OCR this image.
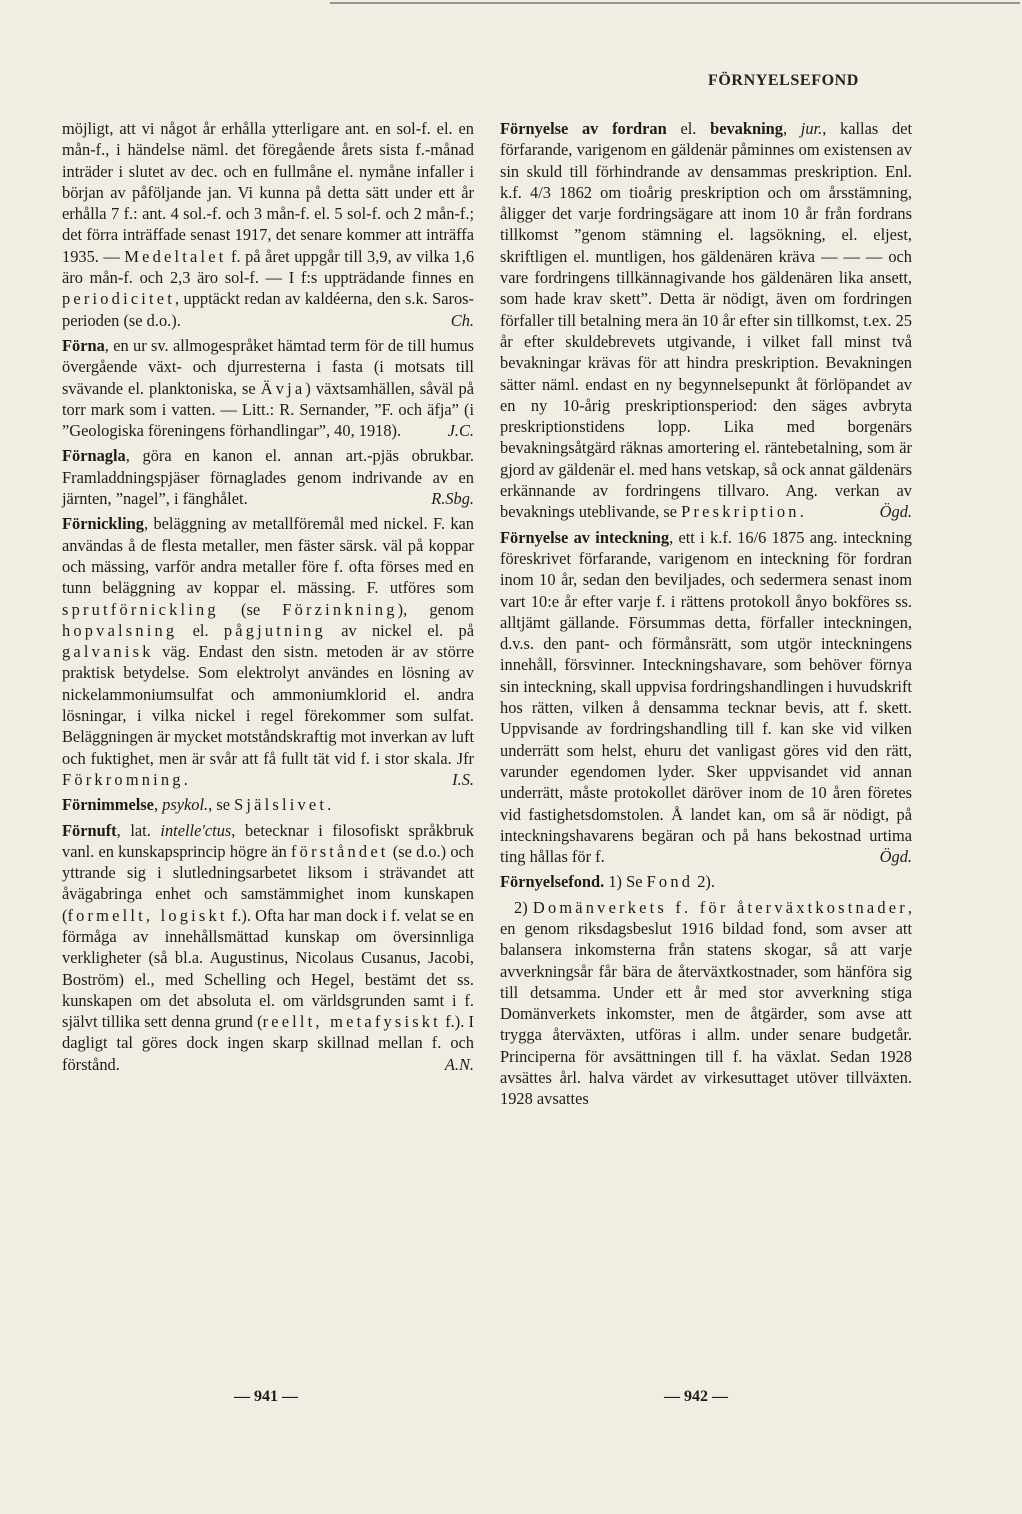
FÖRNYELSEFOND

möjligt, att vi något år erhålla ytterligare ant. en sol-f. el. en mån-f., i händelse näml. det föregående årets sista f.-månad inträder i slutet av dec. och en fullmåne el. nymåne infaller i början av påföljande jan. Vi kunna på detta sätt under ett år erhålla 7 f.: ant. 4 sol.-f. och 3 mån-f. el. 5 sol-f. och 2 mån-f.; det förra inträffade senast 1917, det senare kommer att inträffa 1935. — Medeltalet f. på året uppgår till 3,9, av vilka 1,6 äro mån-f. och 2,3 äro sol-f. — I f:s uppträdande finnes en periodicitet, upptäckt redan av kaldéerna, den s.k. Saros-perioden (se d.o.).	Ch.

Förna, en ur sv. allmogespråket hämtad term för de till humus övergående växt- och djurresterna i fasta (i motsats till svävande el. planktoniska, se Ävja) växtsamhällen, såväl på torr mark som i vatten. — Litt.: R. Sernander, ”F. och äfja” (i ”Geologiska föreningens förhandlingar”, 40, 1918).	J.C.

Förnagla, göra en kanon el. annan art.-pjäs obrukbar. Framladdningspjäser förnaglades genom indrivande av en järnten, ”nagel”, i fänghålet.	R.Sbg.

Förnickling, beläggning av metallföremål med nickel. F. kan användas å de flesta metaller, men fäster särsk. väl på koppar och mässing, varför andra metaller före f. ofta förses med en tunn beläggning av koppar el. mässing. F. utföres som sprutförnickling (se Förzinkning), genom hopvalsning el. pågjutning av nickel el. på galvanisk väg. Endast den sistn. metoden är av större praktisk betydelse. Som elektrolyt användes en lösning av nickelammoniumsulfat och ammoniumklorid el. andra lösningar, i vilka nickel i regel förekommer som sulfat. Beläggningen är mycket motståndskraftig mot inverkan av luft och fuktighet, men är svår att få fullt tät vid f. i stor skala. Jfr Förkromning.	I.S.

Förnimmelse, psykol., se Själslivet.

Förnuft, lat. intelle'ctus, betecknar i filosofiskt språkbruk vanl. en kunskapsprincip högre än förståndet (se d.o.) och yttrande sig i slutledningsarbetet liksom i strävandet att åvägabringa enhet och samstämmighet inom kunskapen (formellt, logiskt f.). Ofta har man dock i f. velat se en förmåga av innehållsmättad kunskap om översinnliga verkligheter (så bl.a. Augustinus, Nicolaus Cusanus, Jacobi, Boström) el., med Schelling och Hegel, bestämt det ss. kunskapen om det absoluta el. om världsgrunden samt i f. självt tillika sett denna grund (reellt, metafysiskt f.). I dagligt tal göres dock ingen skarp skillnad mellan f. och förstånd.	A.N.

Förnyelse av fordran el. bevakning, jur., kallas det förfarande, varigenom en gäldenär påminnes om existensen av sin skuld till förhindrande av densammas preskription. Enl. k.f. 4/3 1862 om tioårig preskription och om årsstämning, åligger det varje fordringsägare att inom 10 år från fordrans tillkomst ”genom stämning el. lagsökning, el. eljest, skriftligen el. muntligen, hos gäldenären kräva — — — och vare fordringens tillkännagivande hos gäldenären lika ansett, som hade krav skett”. Detta är nödigt, även om fordringen förfaller till betalning mera än 10 år efter sin tillkomst, t.ex. 25 år efter skuldebrevets utgivande, i vilket fall minst två bevakningar krävas för att hindra preskription. Bevakningen sätter näml. endast en ny begynnelsepunkt åt förlöpandet av en ny 10-årig preskriptionsperiod: den säges avbryta preskriptionstidens lopp. Lika med borgenärs bevakningsåtgärd räknas amortering el. räntebetalning, som är gjord av gäldenär el. med hans vetskap, så ock annat gäldenärs erkännande av fordringens tillvaro. Ang. verkan av bevaknings uteblivande, se Preskription.	Ögd.

Förnyelse av inteckning, ett i k.f. 16/6 1875 ang. inteckning föreskrivet förfarande, varigenom en inteckning för fordran inom 10 år, sedan den beviljades, och sedermera senast inom vart 10:e år efter varje f. i rättens protokoll ånyo bokföres ss. alltjämt gällande. Försummas detta, förfaller inteckningen, d.v.s. den pant- och förmånsrätt, som utgör inteckningens innehåll, försvinner. Inteckningshavare, som behöver förnya sin inteckning, skall uppvisa fordringshandlingen i huvudskrift hos rätten, vilken å densamma tecknar bevis, att f. skett. Uppvisande av fordringshandling till f. kan ske vid vilken underrätt som helst, ehuru det vanligast göres vid den rätt, varunder egendomen lyder. Sker uppvisandet vid annan underrätt, måste protokollet däröver inom de 10 åren företes vid fastighetsdomstolen. Å landet kan, om så är nödigt, på inteckningshavarens begäran och på hans bekostnad urtima ting hållas för f.	Ögd.

Förnyelsefond. 1) Se Fond 2).

2) Domänverkets f. för återväxtkostnader, en genom riksdagsbeslut 1916 bildad fond, som avser att balansera inkomsterna från statens skogar, så att varje avverkningsår får bära de återväxtkostnader, som hänföra sig till detsamma. Under ett år med stor avverkning stiga Domänverkets inkomster, men de åtgärder, som avse att trygga återväxten, utföras i allm. under senare budgetår. Principerna för avsättningen till f. ha växlat. Sedan 1928 avsättes årl. halva värdet av virkesuttaget utöver tillväxten. 1928 avsattes

— 941 —	— 942 —
